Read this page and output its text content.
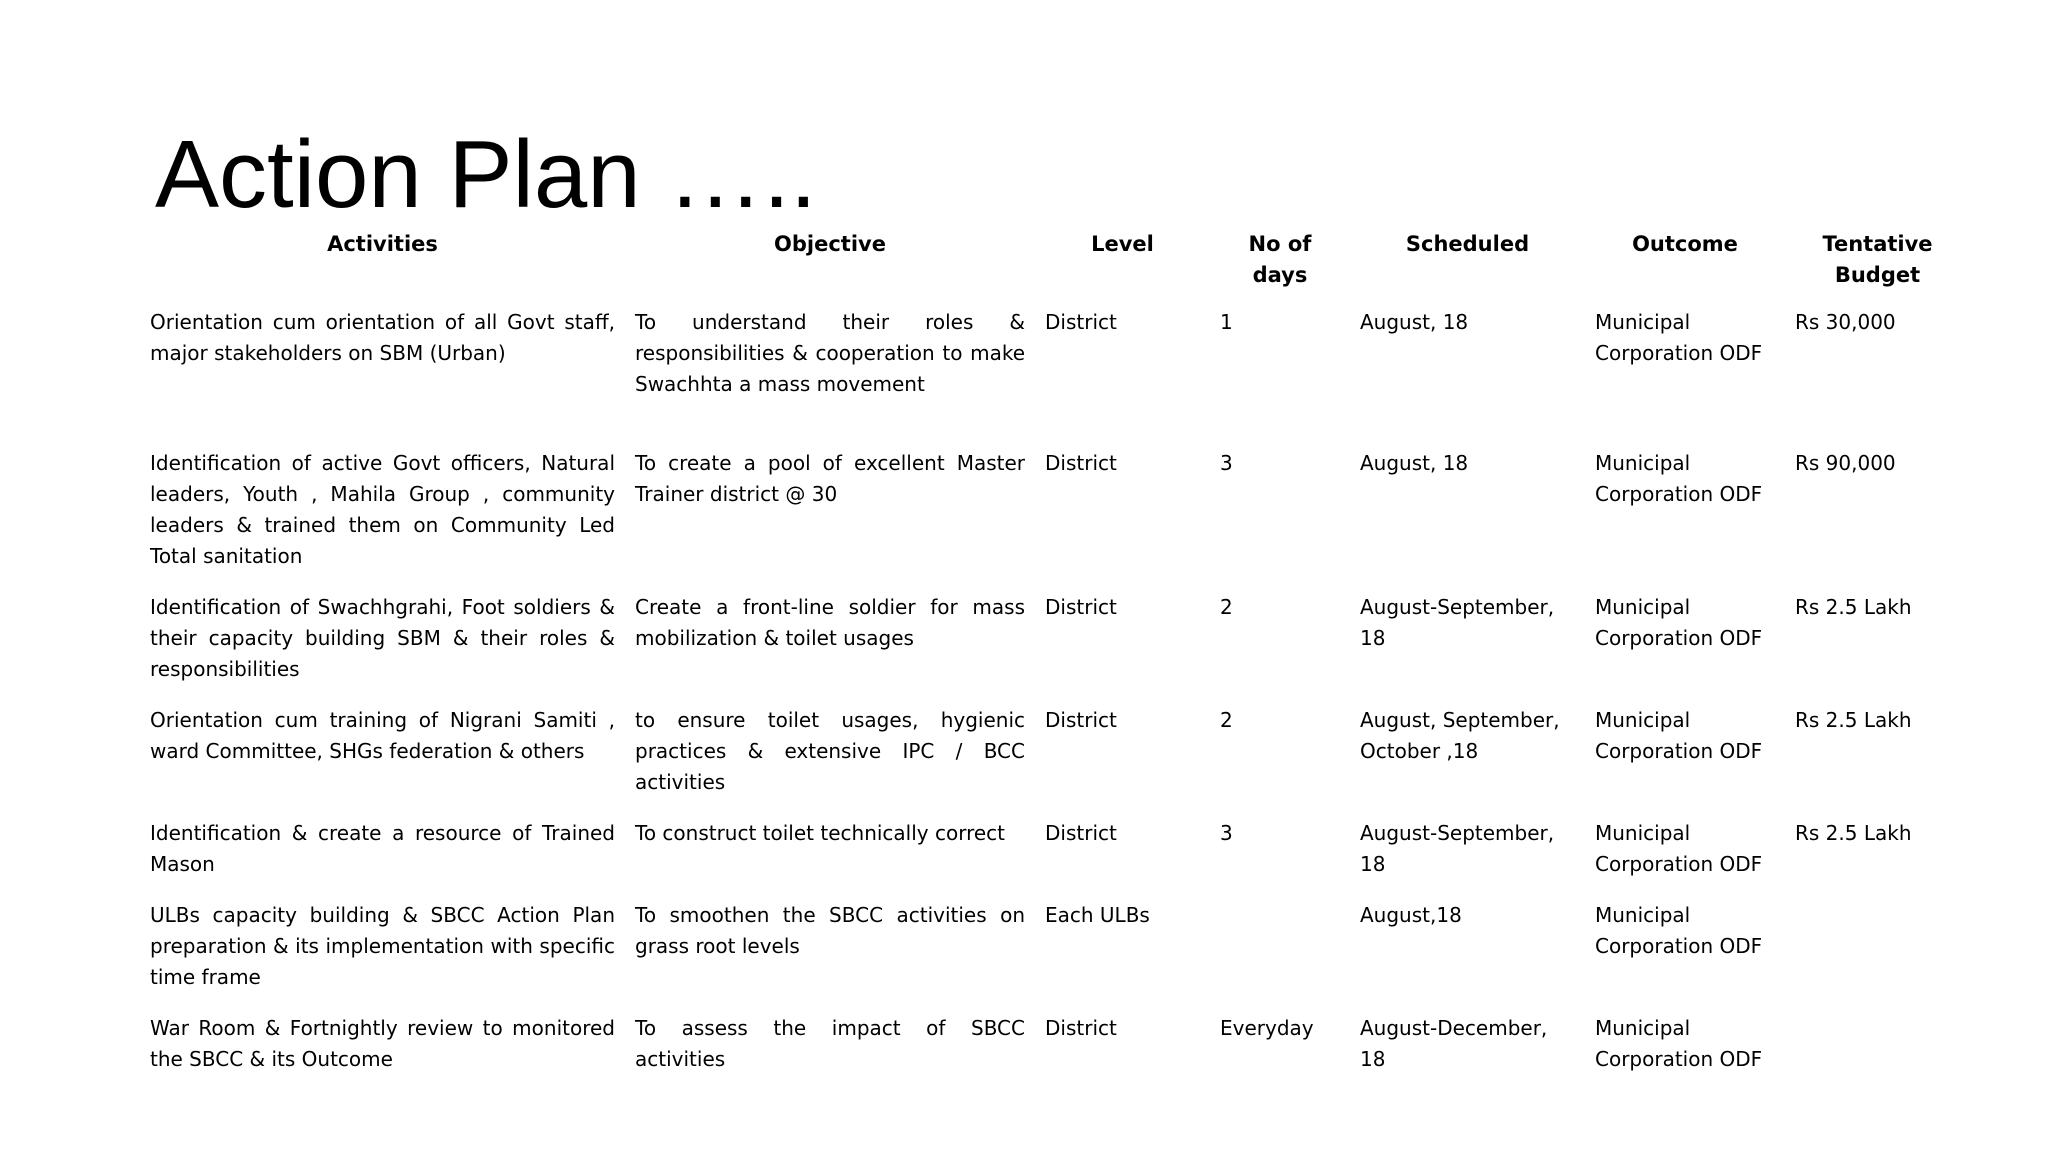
Action Plan …..
Activities	Objective	Level	No of days	Scheduled	Outcome	Tentative Budget
Orientation cum orientation of all Govt staff, major stakeholders on SBM (Urban)	To understand their roles & responsibilities & cooperation to make Swachhta a mass movement	District	1	August, 18	Municipal Corporation ODF	Rs 30,000
Identification of active Govt officers, Natural leaders, Youth , Mahila Group , community leaders & trained them on Community Led Total sanitation	To create a pool of excellent Master Trainer district @ 30	District	3	August, 18	Municipal Corporation ODF	Rs 90,000
Identification of Swachhgrahi, Foot soldiers & their capacity building SBM & their roles & responsibilities	Create a front-line soldier for mass mobilization & toilet usages	District	2	August-September, 18	Municipal Corporation ODF	Rs 2.5 Lakh
Orientation cum training of Nigrani Samiti , ward Committee, SHGs federation & others	to ensure toilet usages, hygienic practices & extensive IPC / BCC activities	District	2	August, September, October ,18	Municipal Corporation ODF	Rs 2.5 Lakh
Identification & create a resource of Trained Mason	To construct toilet technically correct	District	3	August-September, 18	Municipal Corporation ODF	Rs 2.5 Lakh
ULBs capacity building & SBCC Action Plan preparation & its implementation with specific time frame	To smoothen the SBCC activities on grass root levels	Each ULBs		August,18	Municipal Corporation ODF	
War Room & Fortnightly review to monitored the SBCC & its Outcome	To assess the impact of SBCC activities	District	Everyday	August-December, 18	Municipal Corporation ODF	
